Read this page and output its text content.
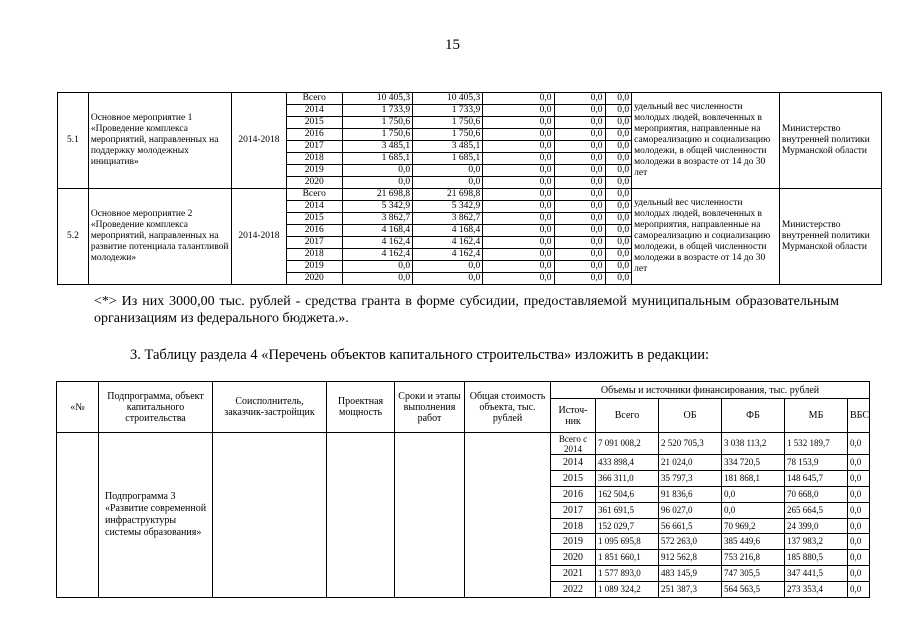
15
5.1	Основное мероприятие 1 «Проведение комплекса мероприятий, направленных на поддержку молодежных инициатив»	2014-2018	Всего	10 405,3	10 405,3	0,0	0,0	0,0	удельный вес численности молодых людей, вовлеченных в мероприятия, направленные на самореализацию и социализацию молодежи, в общей численности молодежи в возрасте от 14 до 30 лет	Министерство внутренней политики Мурманской области
			2014	1 733,9	1 733,9	0,0	0,0	0,0		
			2015	1 750,6	1 750,6	0,0	0,0	0,0		
			2016	1 750,6	1 750,6	0,0	0,0	0,0		
			2017	3 485,1	3 485,1	0,0	0,0	0,0		
			2018	1 685,1	1 685,1	0,0	0,0	0,0		
			2019	0,0	0,0	0,0	0,0	0,0		
			2020	0,0	0,0	0,0	0,0	0,0		
5.2	Основное мероприятие 2 «Проведение комплекса мероприятий, направленных на развитие потенциала талантливой молодежи»	2014-2018	Всего	21 698,8	21 698,8	0,0	0,0	0,0	удельный вес численности молодых людей, вовлеченных в мероприятия, направленные на самореализацию и социализацию молодежи, в общей численности молодежи в возрасте от 14 до 30 лет	Министерство внутренней политики Мурманской области
			2014	5 342,9	5 342,9	0,0	0,0	0,0		
			2015	3 862,7	3 862,7	0,0	0,0	0,0		
			2016	4 168,4	4 168,4	0,0	0,0	0,0		
			2017	4 162,4	4 162,4	0,0	0,0	0,0		
			2018	4 162,4	4 162,4	0,0	0,0	0,0		
			2019	0,0	0,0	0,0	0,0	0,0		
			2020	0,0	0,0	0,0	0,0	0,0		
<*> Из них 3000,00 тыс. рублей - средства гранта в форме субсидии, предоставляемой муниципальным образовательным организациям из федерального бюджета.».
3. Таблицу раздела 4 «Перечень объектов капитального строительства» изложить в редакции:
«№	Подпрограмма, объект капитального строительства	Соисполнитель, заказчик-застройщик	Проектная мощность	Сроки и этапы выполнения работ	Общая стоимость объекта, тыс. рублей	Объемы и источники финансирования, тыс. рублей					
						Источ-ник	Всего	ОБ	ФБ	МБ	ВБС
	Подпрограмма 3 «Развитие современной инфраструктуры системы образования»					Всего с 2014	7 091 008,2	2 520 705,3	3 038 113,2	1 532 189,7	0,0
						2014	433 898,4	21 024,0	334 720,5	78 153,9	0,0
						2015	366 311,0	35 797,3	181 868,1	148 645,7	0,0
						2016	162 504,6	91 836,6	0,0	70 668,0	0,0
						2017	361 691,5	96 027,0	0,0	265 664,5	0,0
						2018	152 029,7	56 661,5	70 969,2	24 399,0	0,0
						2019	1 095 695,8	572 263,0	385 449,6	137 983,2	0,0
						2020	1 851 660,1	912 562,8	753 216,8	185 880,5	0,0
						2021	1 577 893,0	483 145,9	747 305,5	347 441,5	0,0
						2022	1 089 324,2	251 387,3	564 563,5	273 353,4	0,0
